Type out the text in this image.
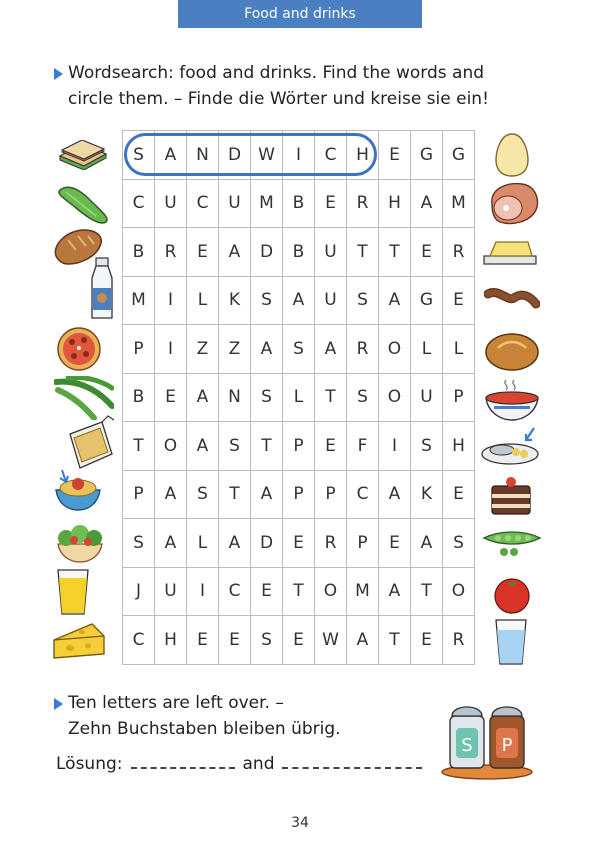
Food and drinks
Wordsearch: food and drinks. Find the words and
circle them. – Finde die Wörter und kreise sie ein!
S	A	N	D	W	I	C	H	E	G	G
C	U	C	U	M	B	E	R	H	A	M
B	R	E	A	D	B	U	T	T	E	R
M	I	L	K	S	A	U	S	A	G	E
P	I	Z	Z	A	S	A	R	O	L	L
B	E	A	N	S	L	T	S	O	U	P
T	O	A	S	T	P	E	F	I	S	H
P	A	S	T	A	P	P	C	A	K	E
S	A	L	A	D	E	R	P	E	A	S
J	U	I	C	E	T	O	M	A	T	O
C	H	E	E	S	E	W	A	T	E	R
S P
Ten letters are left over. –
Zehn Buchstaben bleiben übrig.
Lösung:	and
34
